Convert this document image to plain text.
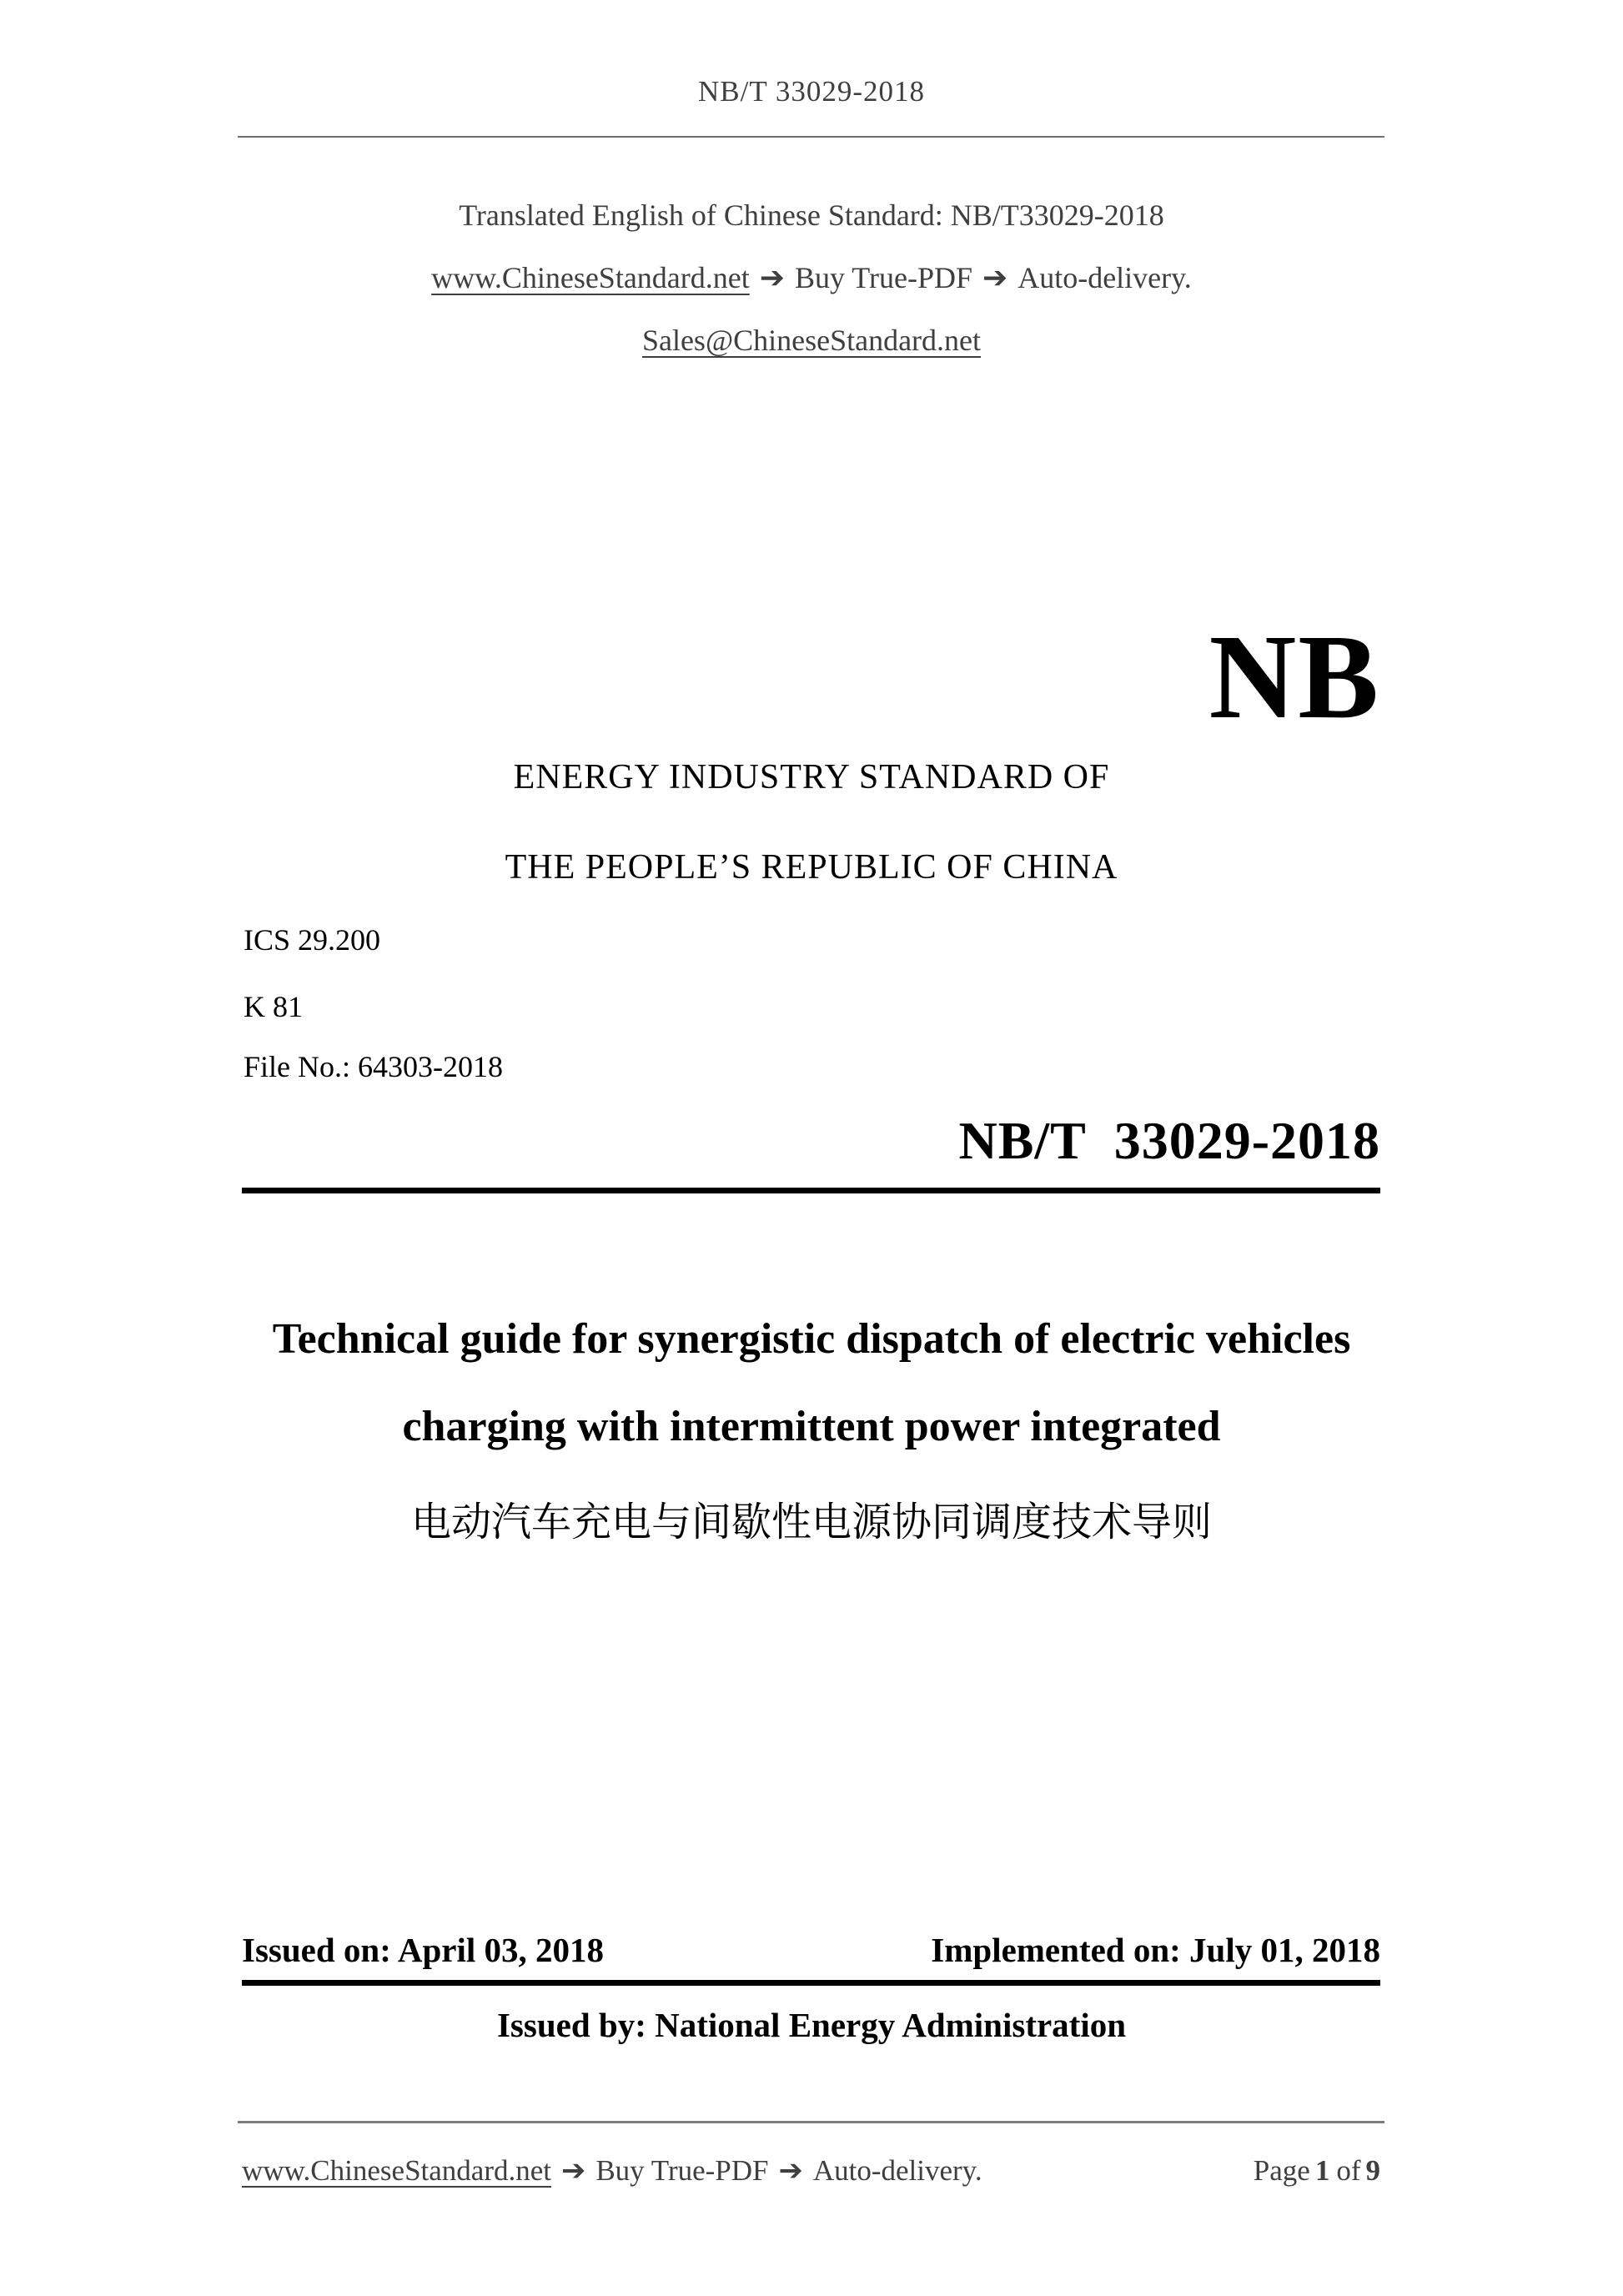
NB/T 33029-2018
Translated English of Chinese Standard: NB/T33029-2018
www.ChineseStandard.net ➔ Buy True-PDF ➔ Auto-delivery.
Sales@ChineseStandard.net
NB
ENERGY INDUSTRY STANDARD OF
THE PEOPLE’S REPUBLIC OF CHINA
ICS 29.200
K 81
File No.: 64303-2018
NB/T  33029-2018
Technical guide for synergistic dispatch of electric vehicles
charging with intermittent power integrated
电动汽车充电与间歇性电源协同调度技术导则
Issued on: April 03, 2018	Implemented on: July 01, 2018
Issued by: National Energy Administration
www.ChineseStandard.net ➔ Buy True-PDF ➔ Auto-delivery.	Page 1 of 9
